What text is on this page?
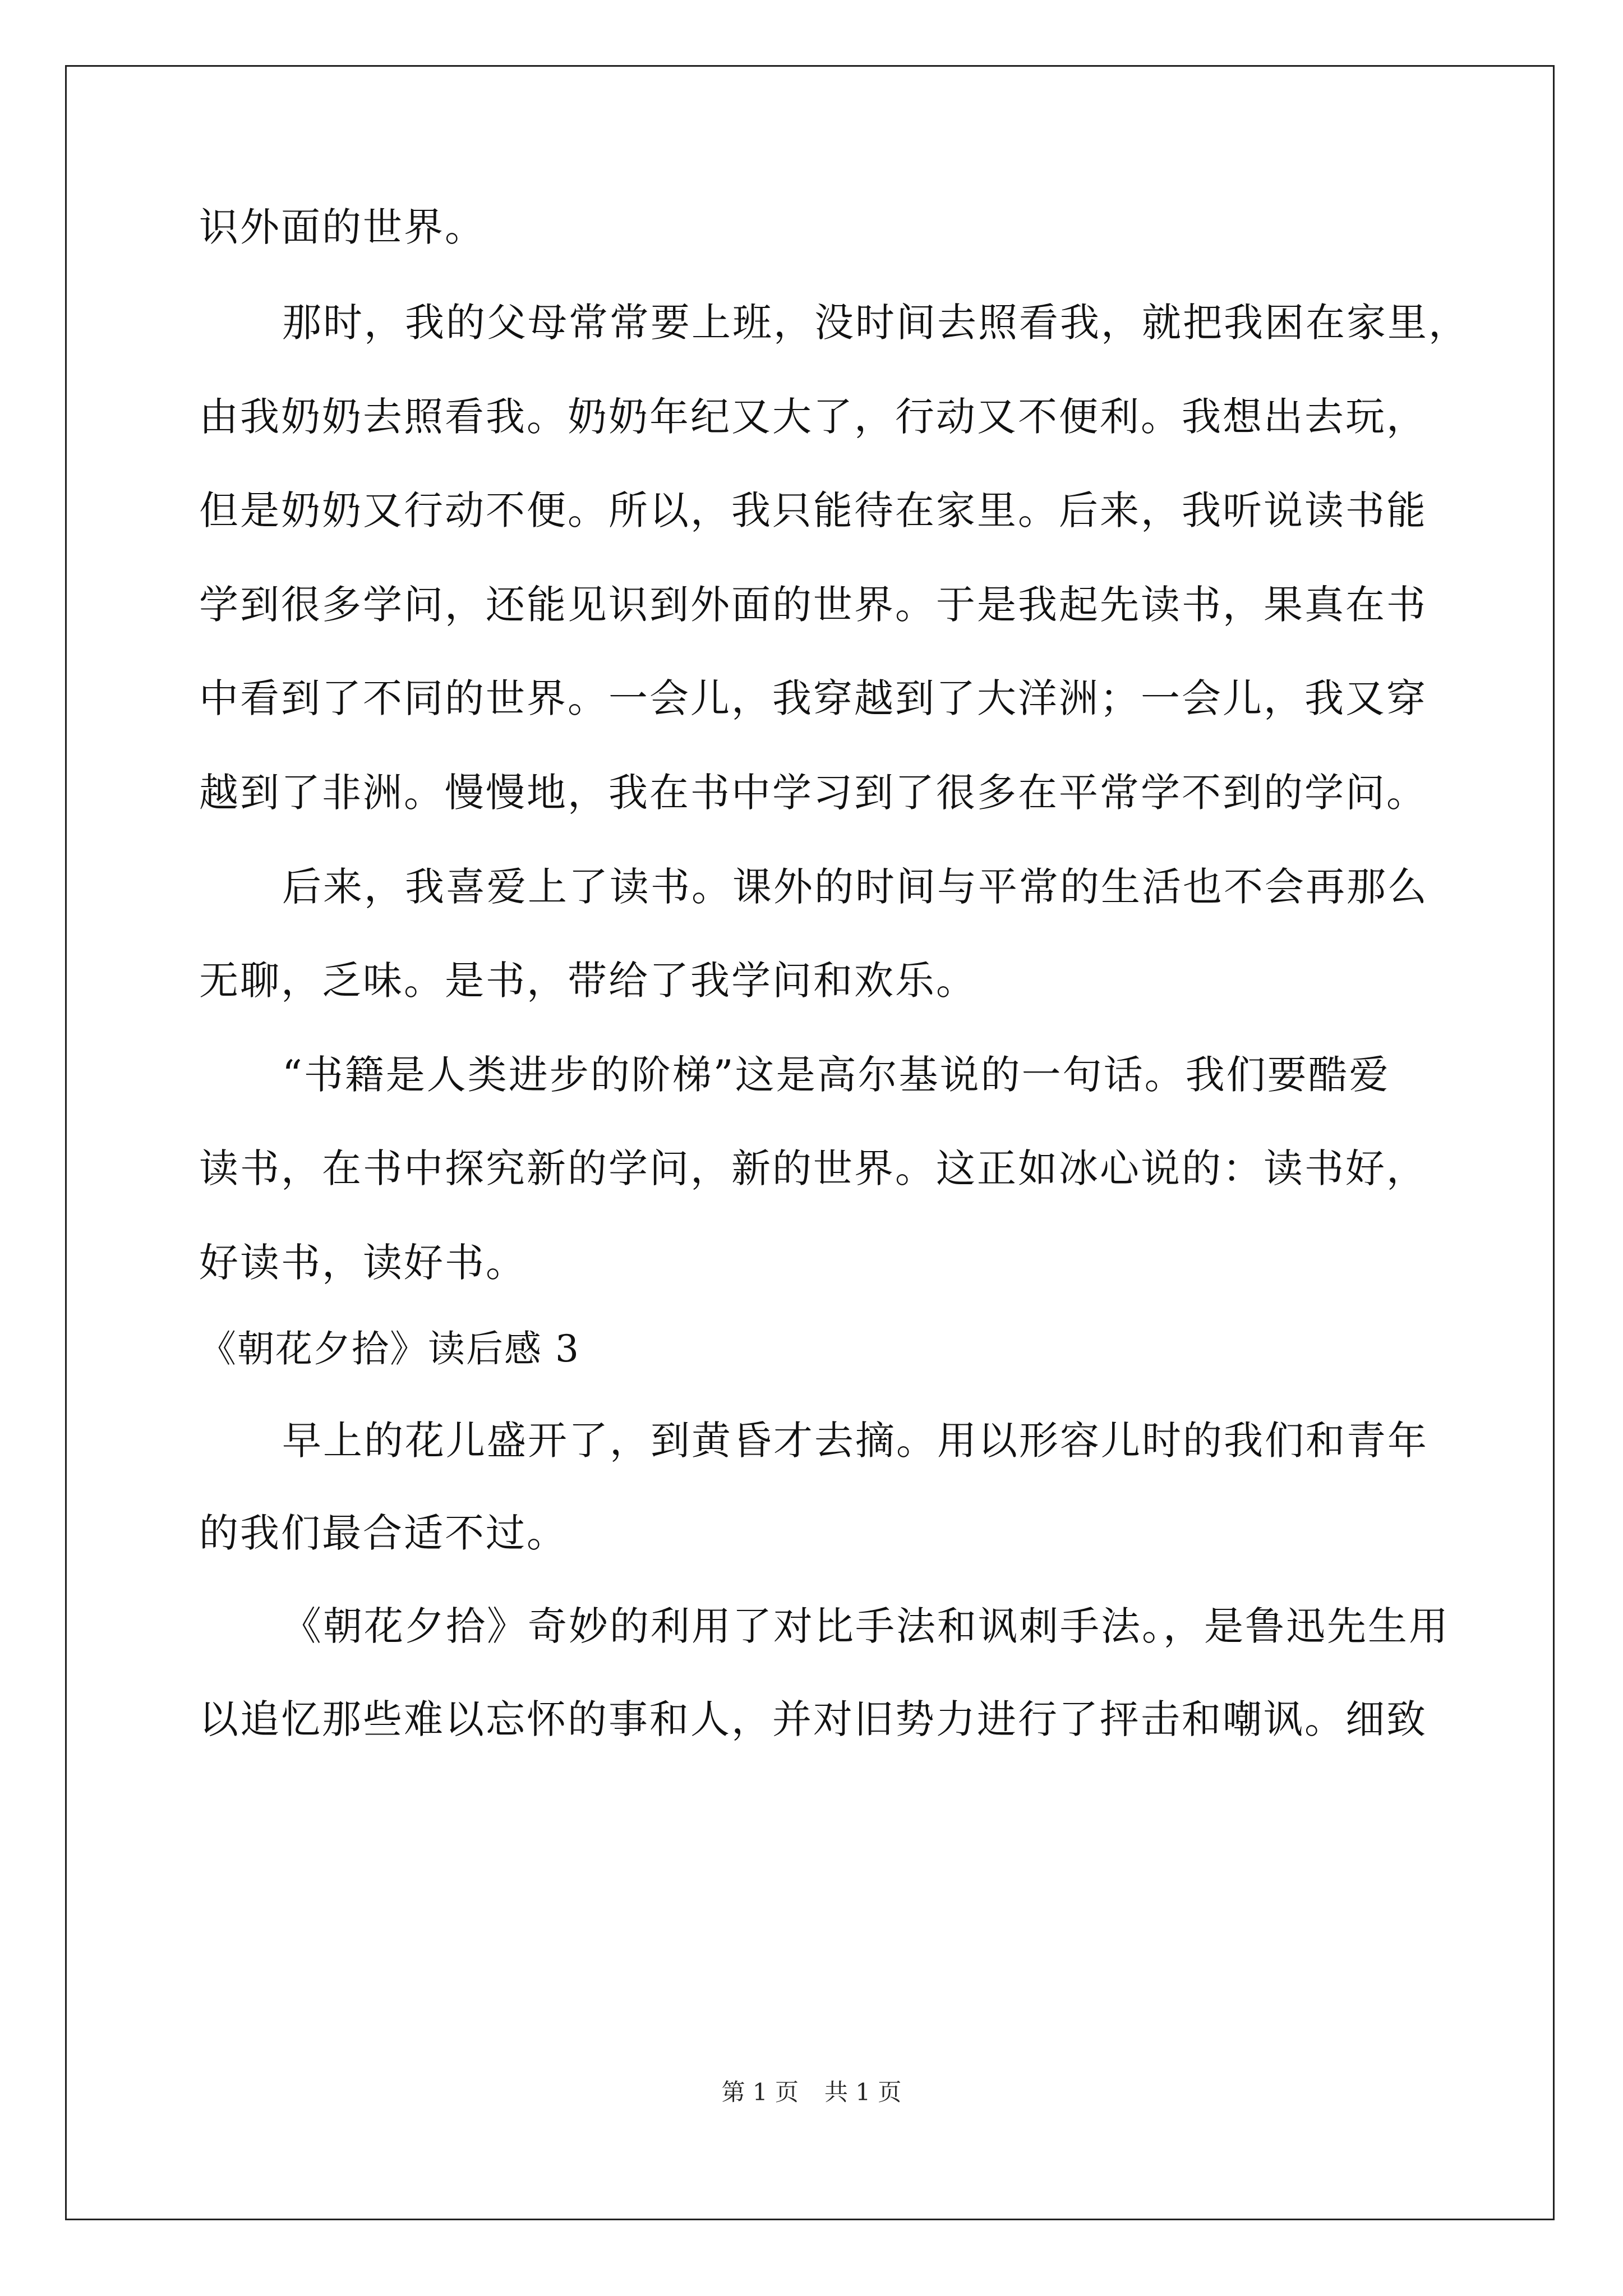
识外面的世界。
那时，我的父母常常要上班，没时间去照看我，就把我困在家里，
由我奶奶去照看我。奶奶年纪又大了，行动又不便利。我想出去玩，
但是奶奶又行动不便。所以，我只能待在家里。后来，我听说读书能
学到很多学问，还能见识到外面的世界。于是我起先读书，果真在书
中看到了不同的世界。一会儿，我穿越到了大洋洲；一会儿，我又穿
越到了非洲。慢慢地，我在书中学习到了很多在平常学不到的学问。
后来，我喜爱上了读书。课外的时间与平常的生活也不会再那么
无聊，乏味。是书，带给了我学问和欢乐。
“书籍是人类进步的阶梯”这是高尔基说的一句话。我们要酷爱
读书，在书中探究新的学问，新的世界。这正如冰心说的：读书好，
好读书，读好书。
《朝花夕拾》读后感 3
早上的花儿盛开了，到黄昏才去摘。用以形容儿时的我们和青年
的我们最合适不过。
《朝花夕拾》奇妙的利用了对比手法和讽刺手法。，是鲁迅先生用
以追忆那些难以忘怀的事和人，并对旧势力进行了抨击和嘲讽。细致
第 1 页 共 1 页
